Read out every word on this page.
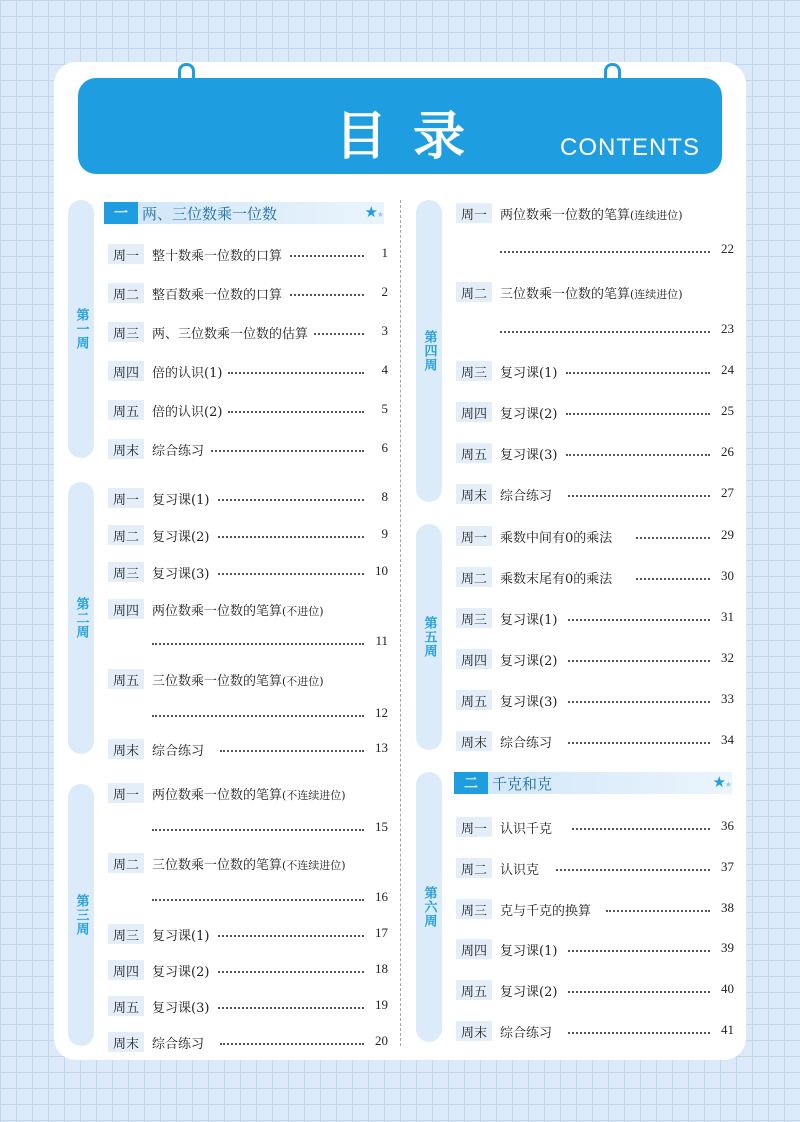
目录	CONTENTS
第一周
第二周
第三周
第四周
第五周
第六周
一 两、三位数乘一位数	★
★
二 千克和克	★
★
周一	整十数乘一位数的口算	1
周二	整百数乘一位数的口算	2
周三	两、三位数乘一位数的估算	3
周四	倍的认识(1)	4
周五	倍的认识(2)	5
周末	综合练习	6
周一	复习课(1)	8
周二	复习课(2)	9
周三	复习课(3)	10
周四	两位数乘一位数的笔算(不进位)
11
周五	三位数乘一位数的笔算(不进位)
12
周末	综合练习	13
周一	两位数乘一位数的笔算(不连续进位)
15
周二	三位数乘一位数的笔算(不连续进位)
16
周三	复习课(1)	17
周四	复习课(2)	18
周五	复习课(3)	19
周末	综合练习	20
周一	两位数乘一位数的笔算(连续进位)
22
周二	三位数乘一位数的笔算(连续进位)
23
周三	复习课(1)	24
周四	复习课(2)	25
周五	复习课(3)	26
周末	综合练习	27
周一	乘数中间有0的乘法	29
周二	乘数末尾有0的乘法	30
周三	复习课(1)	31
周四	复习课(2)	32
周五	复习课(3)	33
周末	综合练习	34
周一	认识千克	36
周二	认识克	37
周三	克与千克的换算	38
周四	复习课(1)	39
周五	复习课(2)	40
周末	综合练习	41
